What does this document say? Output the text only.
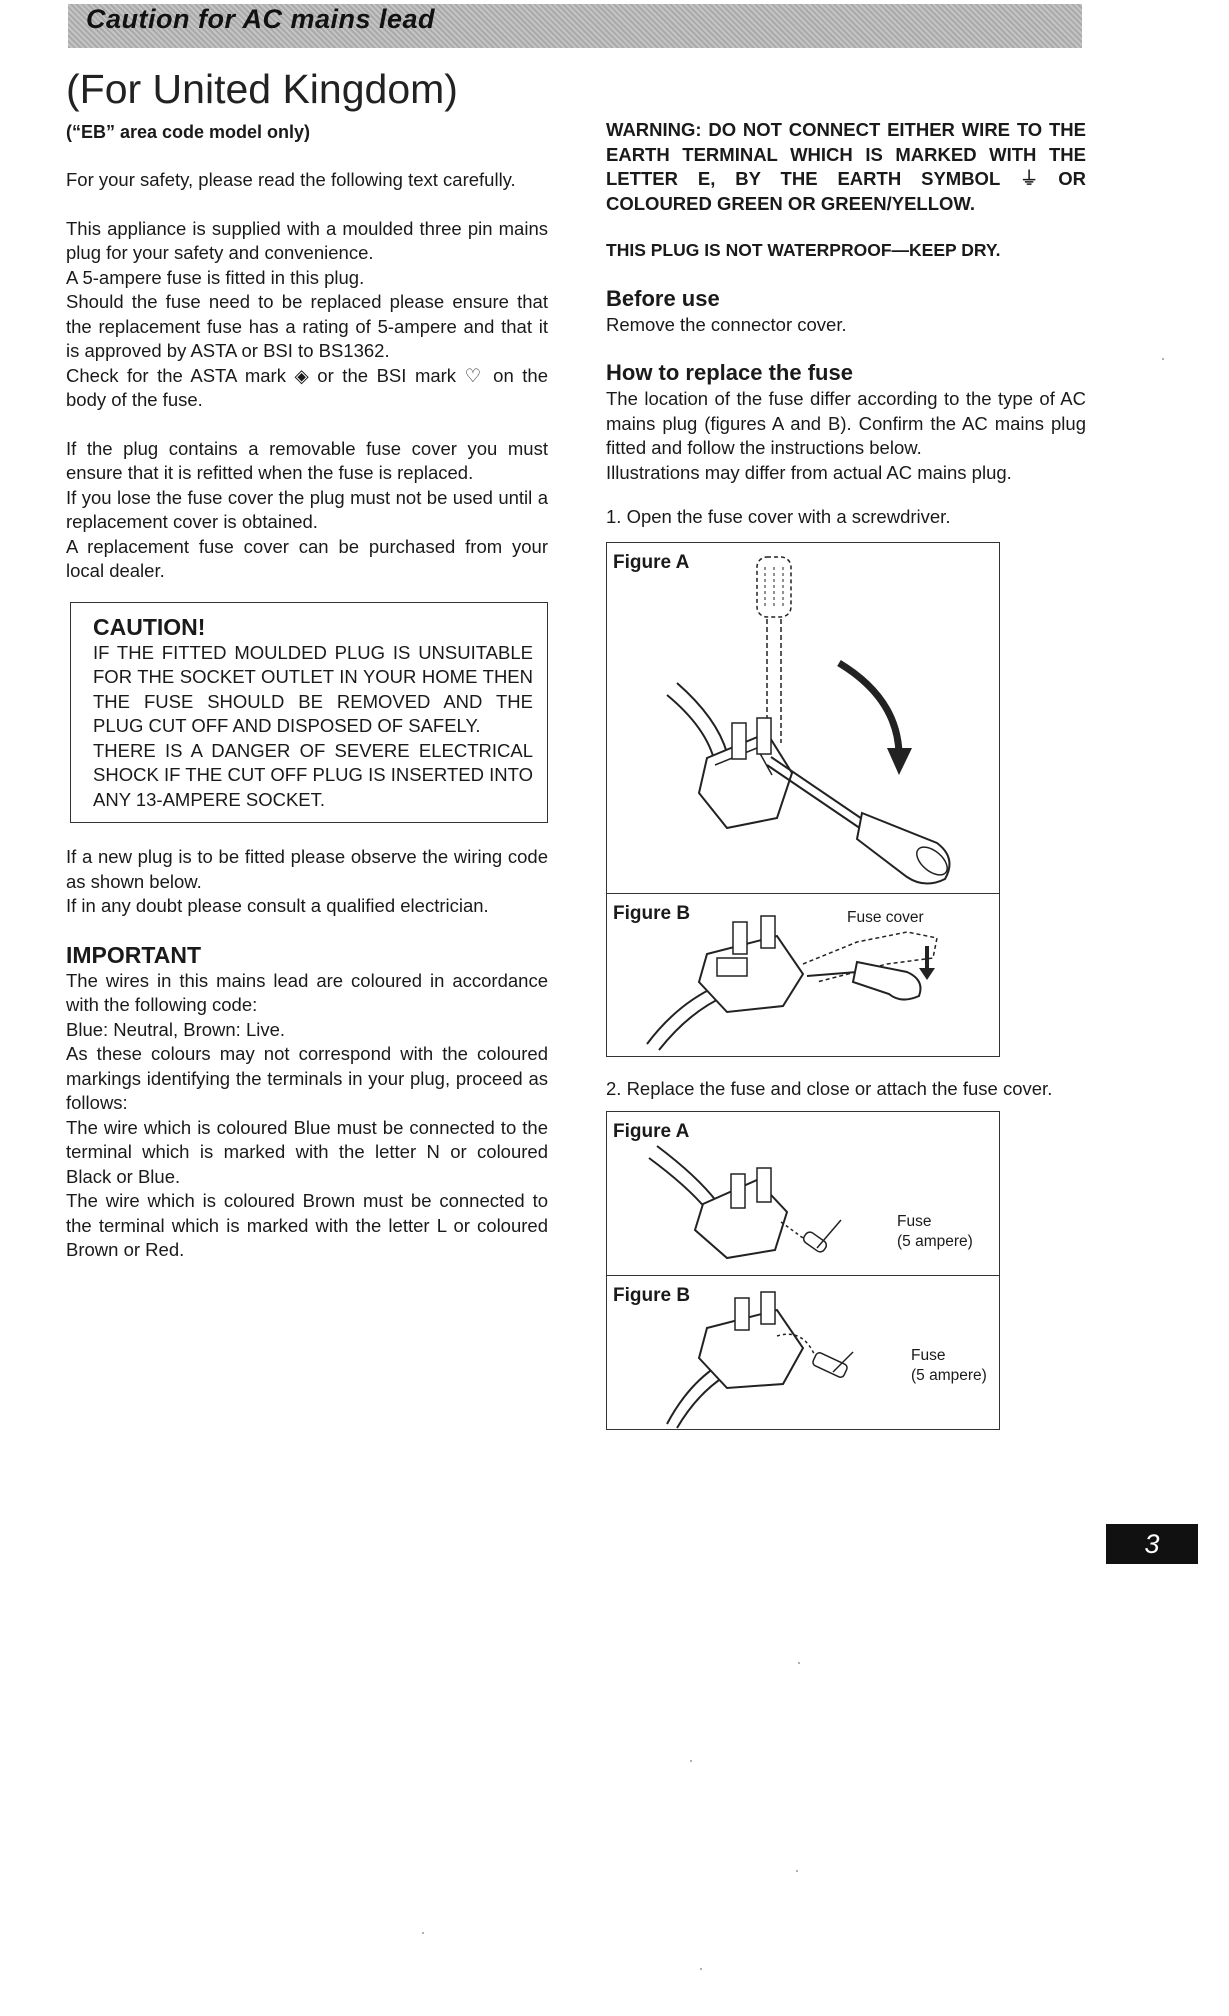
Caution for AC mains lead
(For United Kingdom)
(“EB” area code model only)

For your safety, please read the following text carefully.

This appliance is supplied with a moulded three pin mains plug for your safety and convenience.

A 5-ampere fuse is fitted in this plug.

Should the fuse need to be replaced please ensure that the replacement fuse has a rating of 5-ampere and that it is approved by ASTA or BSI to BS1362.

Check for the ASTA mark ◈ or the BSI mark ♡ on the body of the fuse.

If the plug contains a removable fuse cover you must ensure that it is refitted when the fuse is replaced.

If you lose the fuse cover the plug must not be used until a replacement cover is obtained.

A replacement fuse cover can be purchased from your local dealer.

CAUTION!
IF THE FITTED MOULDED PLUG IS UNSUITABLE FOR THE SOCKET OUTLET IN YOUR HOME THEN THE FUSE SHOULD BE REMOVED AND THE PLUG CUT OFF AND DISPOSED OF SAFELY.
THERE IS A DANGER OF SEVERE ELECTRICAL SHOCK IF THE CUT OFF PLUG IS INSERTED INTO ANY 13-AMPERE SOCKET.

If a new plug is to be fitted please observe the wiring code as shown below.

If in any doubt please consult a qualified electrician.

IMPORTANT

The wires in this mains lead are coloured in accordance with the following code:

Blue: Neutral, Brown: Live.

As these colours may not correspond with the coloured markings identifying the terminals in your plug, proceed as follows:

The wire which is coloured Blue must be connected to the terminal which is marked with the letter N or coloured Black or Blue.

The wire which is coloured Brown must be connected to the terminal which is marked with the letter L or coloured Brown or Red.

WARNING: DO NOT CONNECT EITHER WIRE TO THE EARTH TERMINAL WHICH IS MARKED WITH THE LETTER E, BY THE EARTH SYMBOL ⏚ OR COLOURED GREEN OR GREEN/YELLOW.
THIS PLUG IS NOT WATERPROOF—KEEP DRY.
Before use

Remove the connector cover.

How to replace the fuse

The location of the fuse differ according to the type of AC mains plug (figures A and B). Confirm the AC mains plug fitted and follow the instructions below.

Illustrations may differ from actual AC mains plug.

1. Open the fuse cover with a screwdriver.

Figure A
Figure B	Fuse cover

2. Replace the fuse and close or attach the fuse cover.

Figure A
Fuse
(5 ampere)
Figure B
Fuse
(5 ampere)
3
